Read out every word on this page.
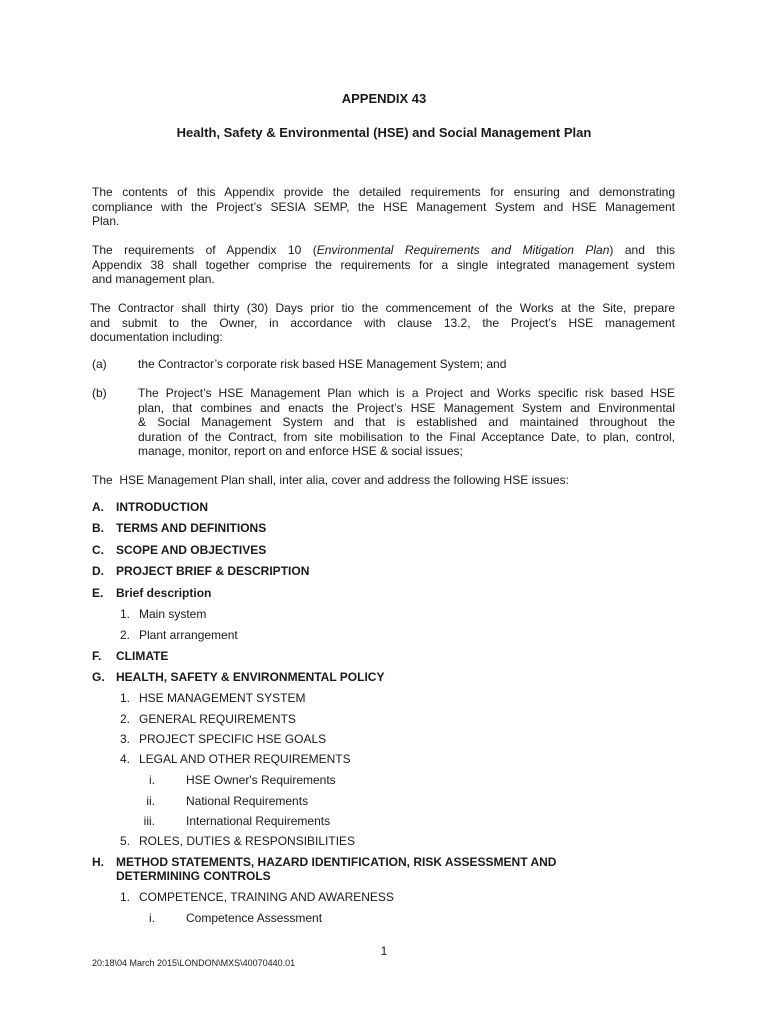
APPENDIX 43
Health, Safety & Environmental (HSE) and Social Management Plan

The contents of this Appendix provide the detailed requirements for ensuring and demonstrating
compliance with the Project’s SESIA SEMP, the HSE Management System and HSE Management
Plan.

The requirements of Appendix 10 (Environmental Requirements and Mitigation Plan) and this
Appendix 38 shall together comprise the requirements for a single integrated management system
and management plan.

The Contractor shall thirty (30) Days prior tio the commencement of the Works at the Site, prepare
and submit to the Owner, in accordance with clause 13.2, the Project’s HSE management
documentation including:

(a)	the Contractor’s corporate risk based HSE Management System; and
(b)	The Project’s HSE Management Plan which is a Project and Works specific risk based HSE
plan, that combines and enacts the Project’s HSE Management System and Environmental
& Social Management System and that is established and maintained throughout the
duration of the Contract, from site mobilisation to the Final Acceptance Date, to plan, control,
manage, monitor, report on and enforce HSE & social issues;

The  HSE Management Plan shall, inter alia, cover and address the following HSE issues:
A. INTRODUCTION
B. TERMS AND DEFINITIONS
C. SCOPE AND OBJECTIVES
D. PROJECT BRIEF & DESCRIPTION
E. Brief description
1. Main system
2. Plant arrangement
F. CLIMATE
G. HEALTH, SAFETY & ENVIRONMENTAL POLICY
1. HSE MANAGEMENT SYSTEM
2. GENERAL REQUIREMENTS
3. PROJECT SPECIFIC HSE GOALS
4. LEGAL AND OTHER REQUIREMENTS
i.	HSE Owner's Requirements
ii.	National Requirements
iii.	International Requirements
5. ROLES, DUTIES & RESPONSIBILITIES
H. METHOD STATEMENTS, HAZARD IDENTIFICATION, RISK ASSESSMENT AND
DETERMINING CONTROLS
1. COMPETENCE, TRAINING AND AWARENESS
i.	Competence Assessment
1
20:18\04 March 2015\LONDON\MXS\40070440.01
